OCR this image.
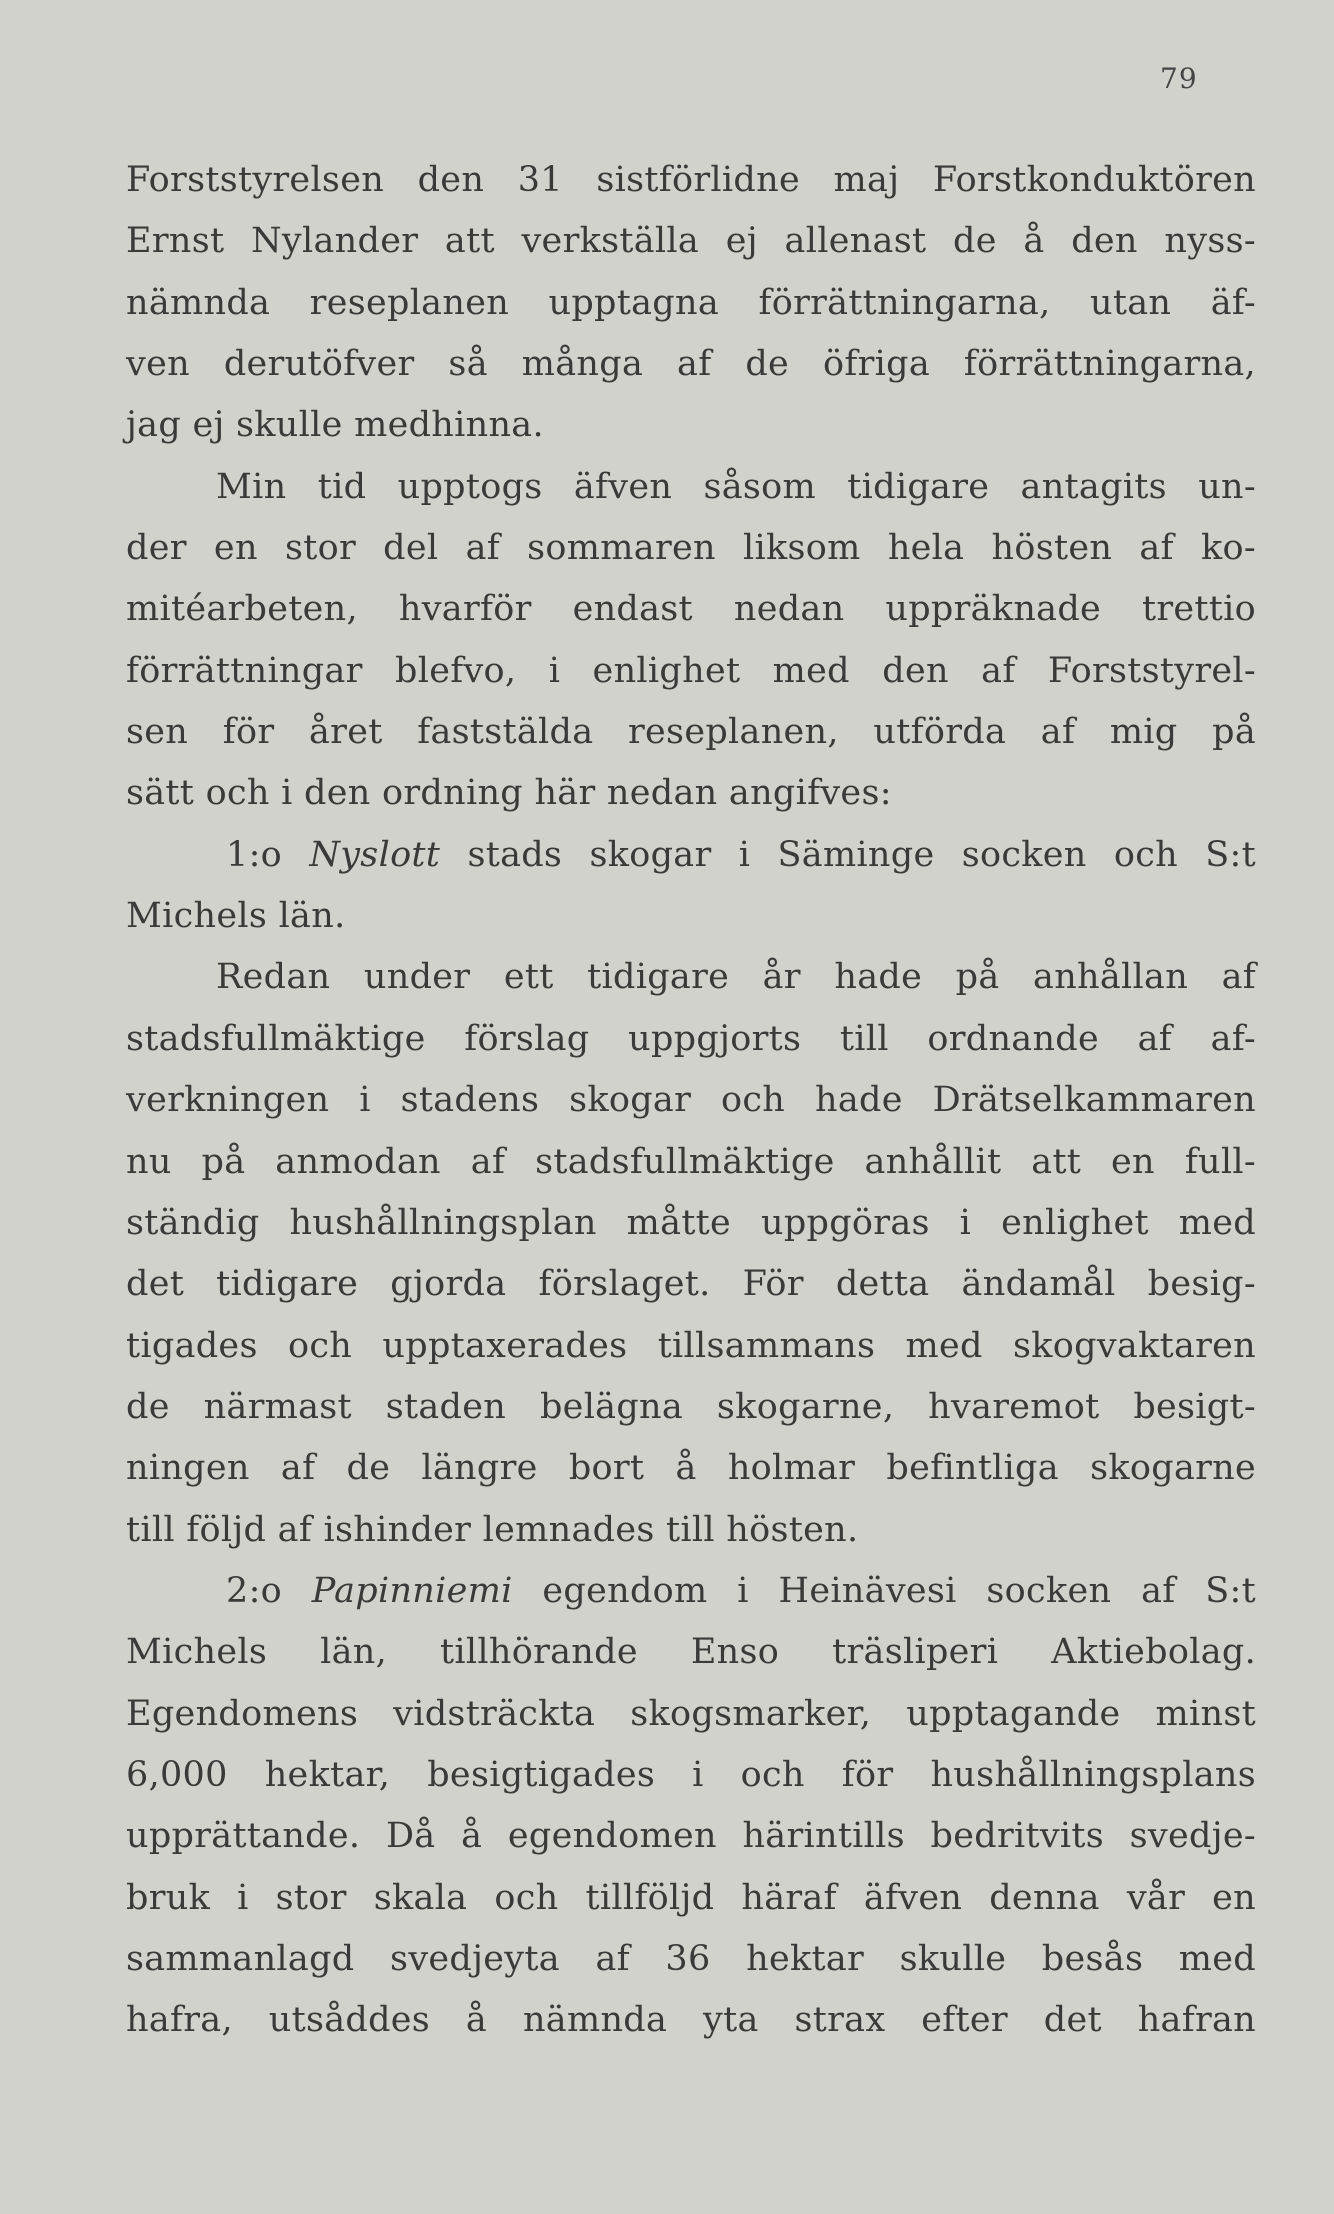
79
Forststyrelsen den 31 sistförlidne maj Forstkonduktören
Ernst Nylander att verkställa ej allenast de å den nyss-
nämnda reseplanen upptagna förrättningarna, utan äf-
ven derutöfver så många af de öfriga förrättningarna,
jag ej skulle medhinna.
Min tid upptogs äfven såsom tidigare antagits un-
der en stor del af sommaren liksom hela hösten af ko-
mitéarbeten, hvarför endast nedan uppräknade trettio
förrättningar blefvo, i enlighet med den af Forststyrel-
sen för året faststälda reseplanen, utförda af mig på
sätt och i den ordning här nedan angifves:
1:o Nyslott stads skogar i Säminge socken och S:t
Michels län.
Redan under ett tidigare år hade på anhållan af
stadsfullmäktige förslag uppgjorts till ordnande af af-
verkningen i stadens skogar och hade Drätselkammaren
nu på anmodan af stadsfullmäktige anhållit att en full-
ständig hushållningsplan måtte uppgöras i enlighet med
det tidigare gjorda förslaget. För detta ändamål besig-
tigades och upptaxerades tillsammans med skogvaktaren
de närmast staden belägna skogarne, hvaremot besigt-
ningen af de längre bort å holmar befintliga skogarne
till följd af ishinder lemnades till hösten.
2:o Papinniemi egendom i Heinävesi socken af S:t
Michels län, tillhörande Enso träsliperi Aktiebolag.
Egendomens vidsträckta skogsmarker, upptagande minst
6,000 hektar, besigtigades i och för hushållningsplans
upprättande. Då å egendomen härintills bedritvits svedje-
bruk i stor skala och tillföljd häraf äfven denna vår en
sammanlagd svedjeyta af 36 hektar skulle besås med
hafra, utsåddes å nämnda yta strax efter det hafran
